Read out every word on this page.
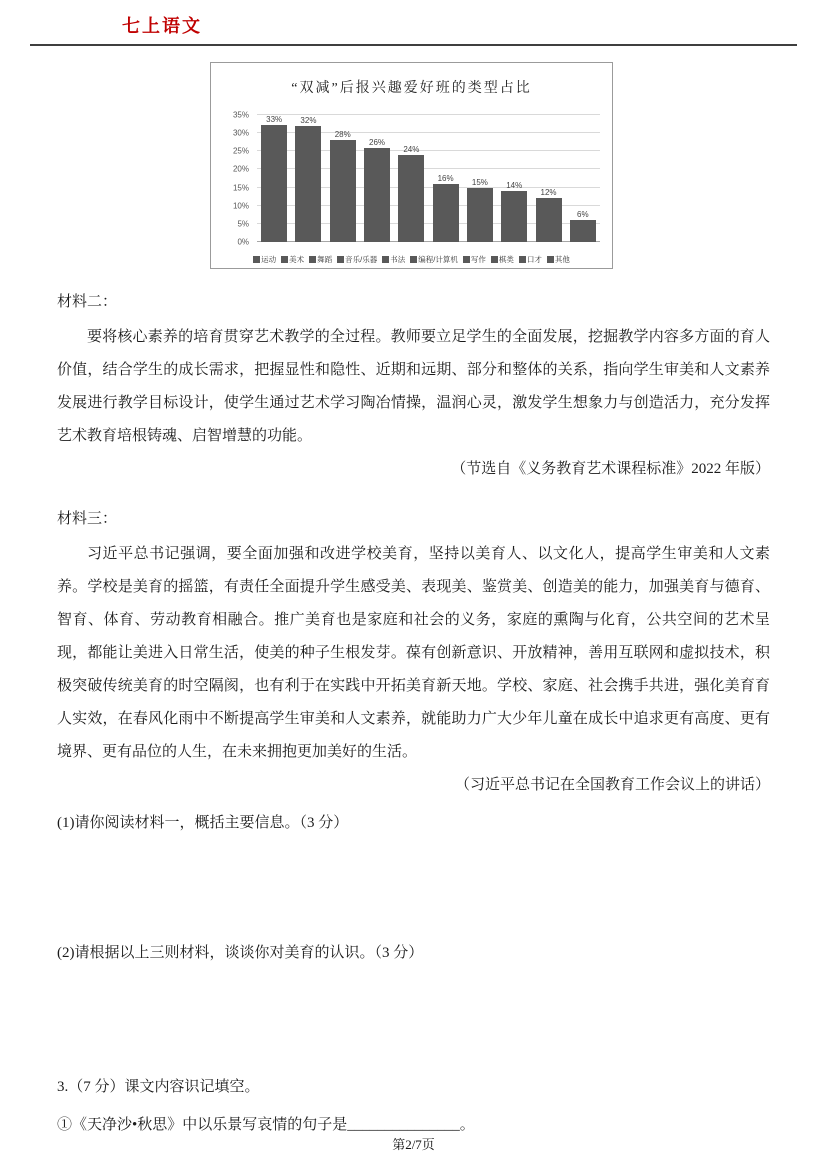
七上语文
“双减”后报兴趣爱好班的类型占比
0%
5%
10%
15%
20%
25%
30%
35% 33% 32%
28%
26%
24%
16% 15% 14%
12%
6%
运动 美术 舞蹈 音乐/乐器 书法 编程/计算机 写作 棋类 口才 其他

材料二：

要将核心素养的培育贯穿艺术教学的全过程。教师要立足学生的全面发展，挖掘教学内容多方面的育人价值，结合学生的成长需求，把握显性和隐性、近期和远期、部分和整体的关系，指向学生审美和人文素养发展进行教学目标设计，使学生通过艺术学习陶冶情操，温润心灵，激发学生想象力与创造活力，充分发挥艺术教育培根铸魂、启智增慧的功能。

（节选自《义务教育艺术课程标准》2022 年版）

材料三：

习近平总书记强调，要全面加强和改进学校美育，坚持以美育人、以文化人，提高学生审美和人文素养。学校是美育的摇篮，有责任全面提升学生感受美、表现美、鉴赏美、创造美的能力，加强美育与德育、智育、体育、劳动教育相融合。推广美育也是家庭和社会的义务，家庭的熏陶与化育，公共空间的艺术呈现，都能让美进入日常生活，使美的种子生根发芽。葆有创新意识、开放精神，善用互联网和虚拟技术，积极突破传统美育的时空隔阂，也有利于在实践中开拓美育新天地。学校、家庭、社会携手共进，强化美育育人实效，在春风化雨中不断提高学生审美和人文素养，就能助力广大少年儿童在成长中追求更有高度、更有境界、更有品位的人生，在未来拥抱更加美好的生活。

（习近平总书记在全国教育工作会议上的讲话）

(1)请你阅读材料一，概括主要信息。（3 分）

(2)请根据以上三则材料，谈谈你对美育的认识。（3 分）

3.（7 分）课文内容识记填空。

①《天净沙•秋思》中以乐景写哀情的句子是_______________。

第2/7页
